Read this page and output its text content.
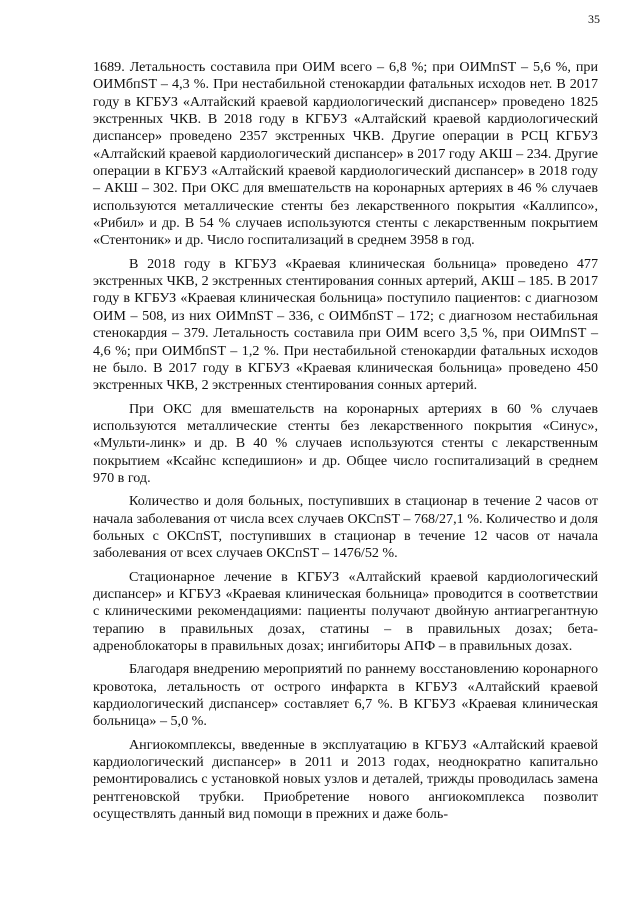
35

1689. Летальность составила при ОИМ всего – 6,8 %; при ОИМпST – 5,6 %, при ОИМбпST – 4,3 %. При нестабильной стенокардии фатальных исходов нет. В 2017 году в КГБУЗ «Алтайский краевой кардиологический диспансер» проведено 1825 экстренных ЧКВ. В 2018 году в КГБУЗ «Алтайский краевой кардиологический диспансер» проведено 2357 экстренных ЧКВ. Другие операции в РСЦ КГБУЗ «Алтайский краевой кардиологический диспансер» в 2017 году АКШ – 234. Другие операции в КГБУЗ «Алтайский краевой кардиологический диспансер» в 2018 году – АКШ – 302. При ОКС для вмешательств на коронарных артериях в 46 % случаев используются металлические стенты без лекарственного покрытия «Каллипсо», «Рибил» и др. В 54 % случаев используются стенты с лекарственным покрытием «Стентоник» и др. Число госпитализаций в среднем 3958 в год.

В 2018 году в КГБУЗ «Краевая клиническая больница» проведено 477 экстренных ЧКВ, 2 экстренных стентирования сонных артерий, АКШ – 185. В 2017 году в КГБУЗ «Краевая клиническая больница» поступило пациентов: с диагнозом ОИМ – 508, из них ОИМпST – 336, с ОИМбпST – 172; с диагнозом нестабильная стенокардия – 379. Летальность составила при ОИМ всего 3,5 %, при ОИМпST – 4,6 %; при ОИМбпST – 1,2 %. При нестабильной стенокардии фатальных исходов не было. В 2017 году в КГБУЗ «Краевая клиническая больница» проведено 450 экстренных ЧКВ, 2 экстренных стентирования сонных артерий.

При ОКС для вмешательств на коронарных артериях в 60 % случаев используются металлические стенты без лекарственного покрытия «Синус», «Мульти-линк» и др. В 40 % случаев используются стенты с лекарственным покрытием «Ксайнс кспедишион» и др. Общее число госпитализаций в среднем 970 в год.

Количество и доля больных, поступивших в стационар в течение 2 часов от начала заболевания от числа всех случаев ОКСпST – 768/27,1 %. Количество и доля больных с ОКСпST, поступивших в стационар в течение 12 часов от начала заболевания от всех случаев ОКСпST – 1476/52 %.

Стационарное лечение в КГБУЗ «Алтайский краевой кардиологический диспансер» и КГБУЗ «Краевая клиническая больница» проводится в соответствии с клиническими рекомендациями: пациенты получают двойную антиагрегантную терапию в правильных дозах, статины – в правильных дозах; бета-адреноблокаторы в правильных дозах; ингибиторы АПФ – в правильных дозах.

Благодаря внедрению мероприятий по раннему восстановлению коронарного кровотока, летальность от острого инфаркта в КГБУЗ «Алтайский краевой кардиологический диспансер» составляет 6,7 %. В КГБУЗ «Краевая клиническая больница» – 5,0 %.

Ангиокомплексы, введенные в эксплуатацию в КГБУЗ «Алтайский краевой кардиологический диспансер» в 2011 и 2013 годах, неоднократно капитально ремонтировались с установкой новых узлов и деталей, трижды проводилась замена рентгеновской трубки. Приобретение нового ангиокомплекса позволит осуществлять данный вид помощи в прежних и даже боль-
